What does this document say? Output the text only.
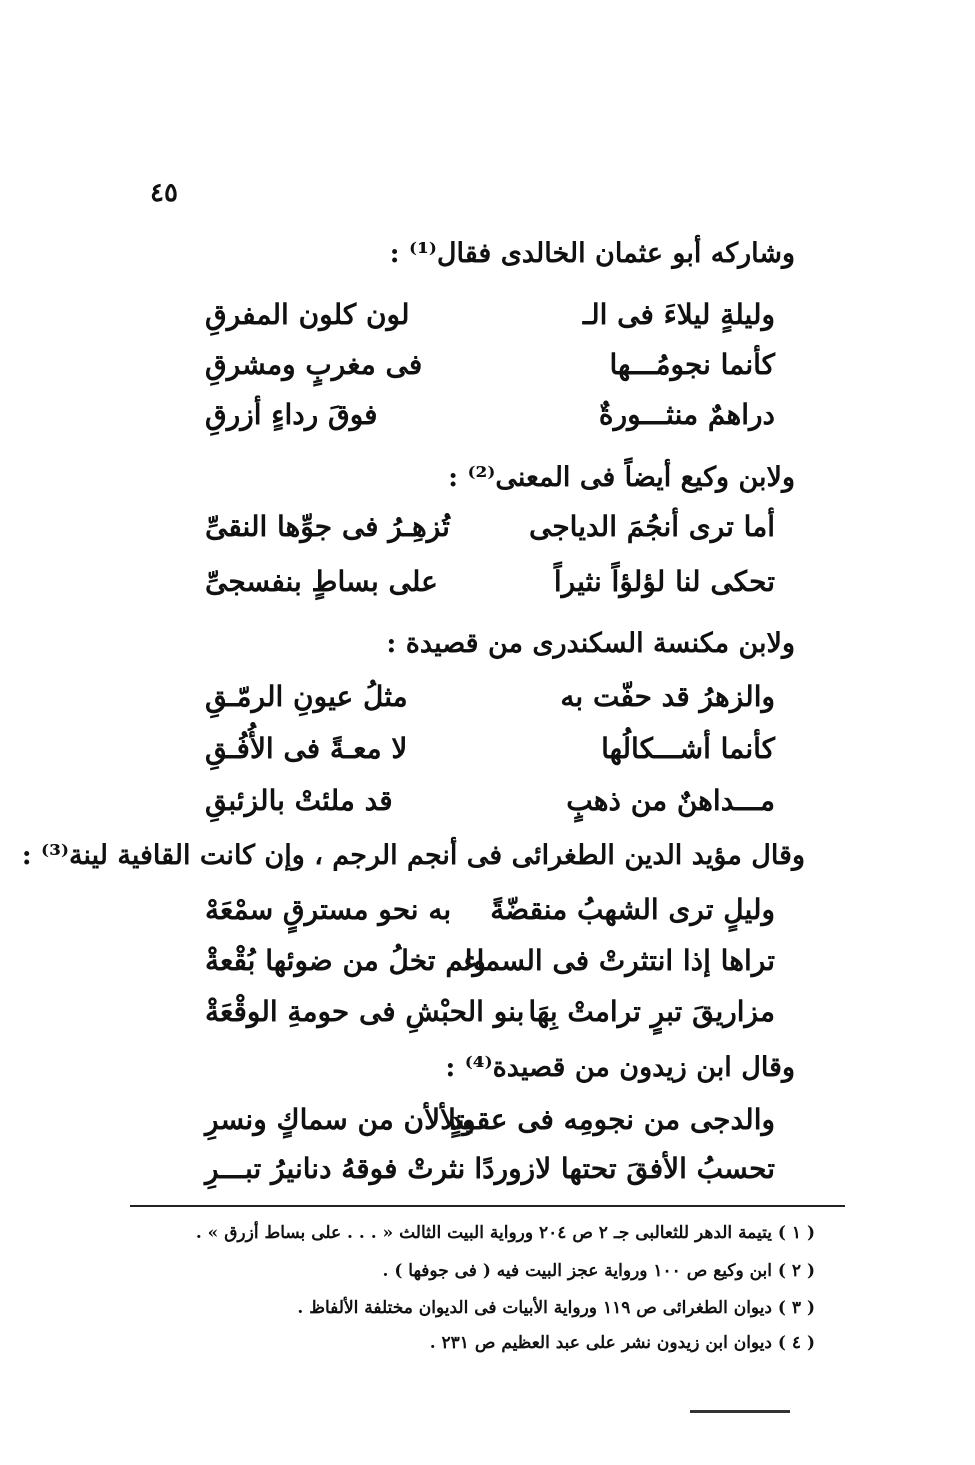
٤٥
وشاركه أبو عثمان الخالدى فقال⁽¹⁾ :
وليلةٍ ليلاءَ فى الـ
لون كلون المفرقِ
كأنما نجومُـــها
فى مغربٍ ومشرقِ
دراهمٌ منثـــورةٌ
فوقَ رداءٍ أزرقِ
ولابن وكيع أيضاً فى المعنى⁽²⁾ :
أما ترى أنجُمَ الدياجى
تُزهِـرُ فى جوِّها النقىِّ
تحكى لنا لؤلؤاً نثيراً
على بساطٍ بنفسجىِّ
ولابن مكنسة السكندرى من قصيدة :
والزهرُ قد حفّت به
مثلُ عيونِ الرمّـقِ
كأنما أشـــكالُها
لا معـةً فى الأُفُـقِ
مـــداهنٌ من ذهبٍ
قد ملئتْ بالزئبقِ
وقال مؤيد الدين الطغرائى فى أنجم الرجم ، وإن كانت القافية لينة⁽³⁾ :
وليلٍ ترى الشهبُ منقضّةً
به نحو مسترقٍ سمْعَهْ
تراها إذا انتثرتْ فى السماء
ولم تخلُ من ضوئها بُقْعةْ
مزاريقَ تبرٍ ترامتْ بِهَا
بنو الحبْشِ فى حومةِ الوقْعَةْ
وقال ابن زيدون من قصيدة⁽⁴⁾ :
والدجى من نجومِه فى عقودٍ
يتلألأن من سماكٍ ونسرِ
تحسبُ الأفقَ تحتها لازوردًا
نثرتْ فوقهُ دنانيرُ تبـــرِ
( ١ ) يتيمة الدهر للثعالبى جـ ٢ ص ٢٠٤ ورواية البيت الثالث « . . . على بساط أزرق » .
( ٢ ) ابن وكيع ص ١٠٠ ورواية عجز البيت فيه ( فى جوفها ) .
( ٣ ) ديوان الطغرائى ص ١١٩ ورواية الأبيات فى الديوان مختلفة الألفاظ .
( ٤ ) ديوان ابن زيدون نشر على عبد العظيم ص ٢٣١ .
